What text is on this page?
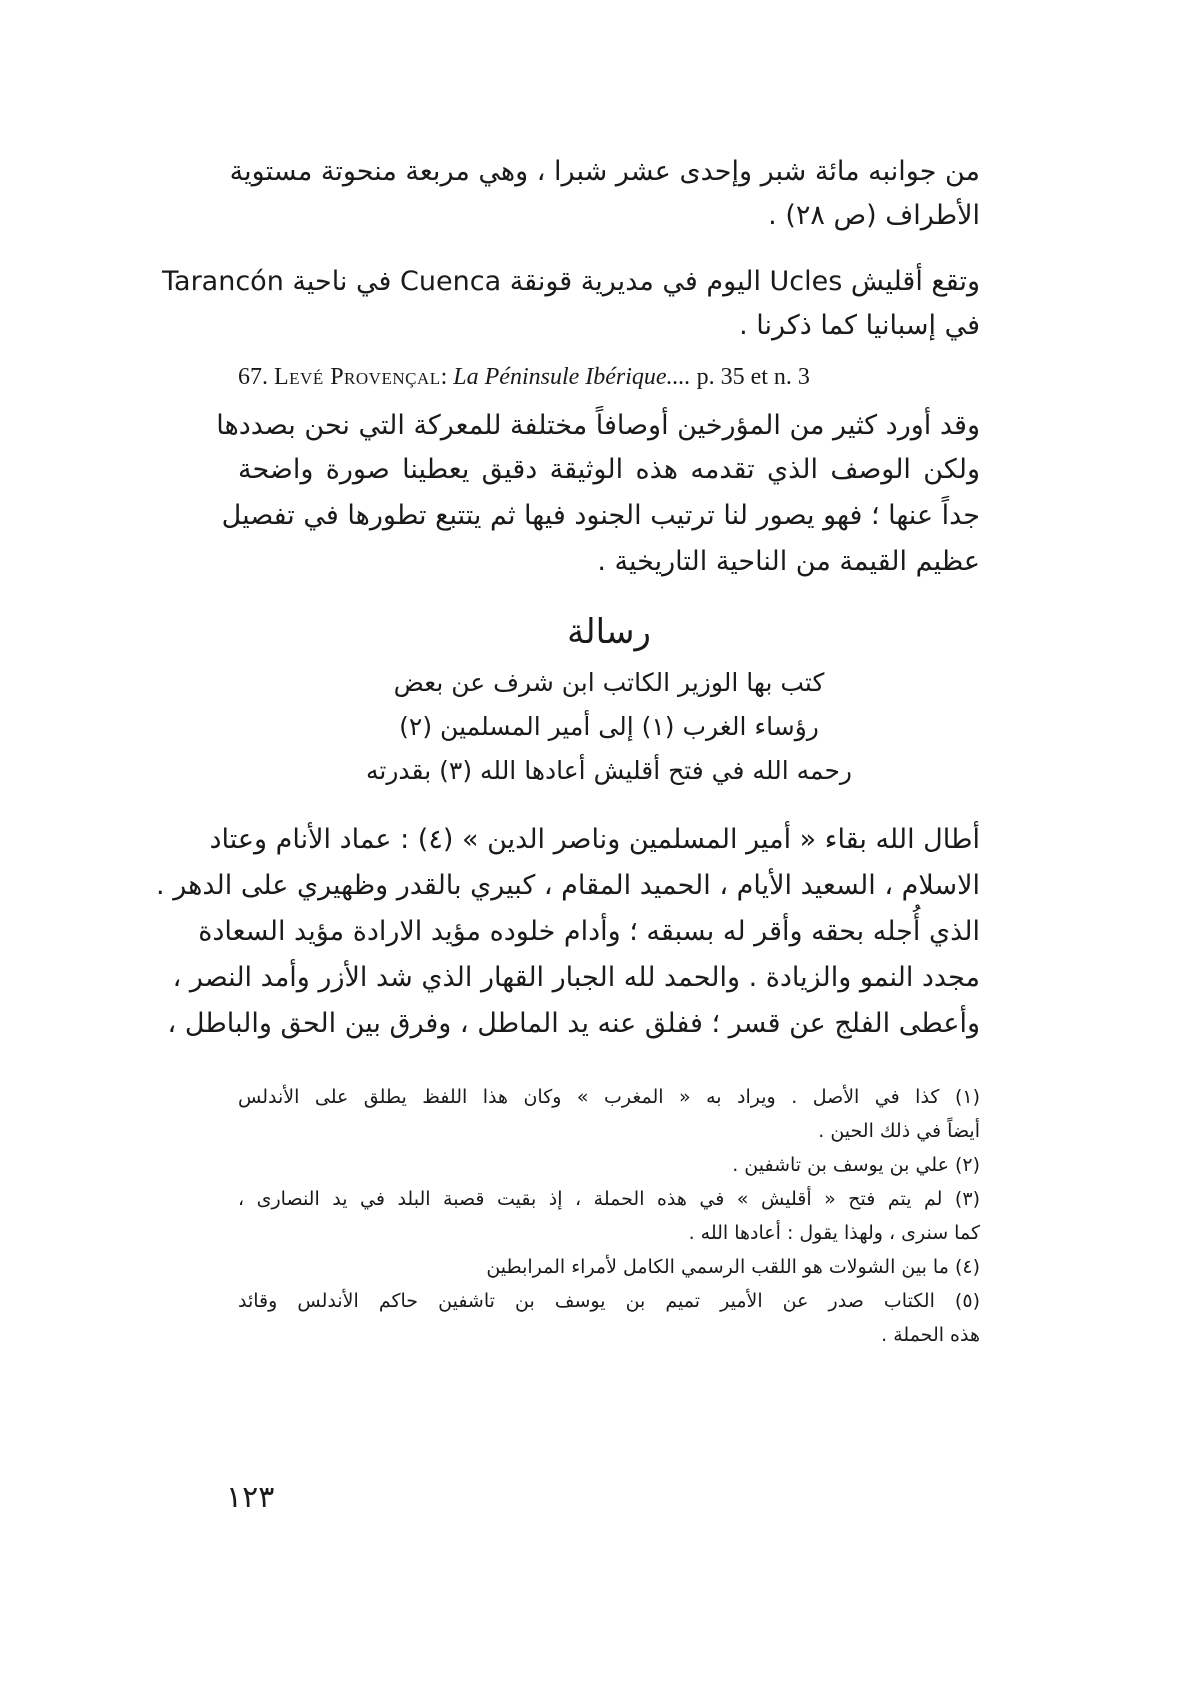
من جوانبه مائة شبر وإحدى عشر شبرا ، وهي مربعة منحوتة مستوية
الأطراف (ص ٢٨) .
وتقع أقليش Ucles اليوم في مديرية قونقة Cuenca في ناحية Tarancón
في إسبانيا كما ذكرنا .
67. Levé Provençal: La Péninsule Ibérique.... p. 35 et n. 3
وقد أورد كثير من المؤرخين أوصافاً مختلفة للمعركة التي نحن بصددها
ولكن الوصف الذي تقدمه هذه الوثيقة دقيق يعطينا صورة واضحة
جداً عنها ؛ فهو يصور لنا ترتيب الجنود فيها ثم يتتبع تطورها في تفصيل
عظيم القيمة من الناحية التاريخية .
رسالة
كتب بها الوزير الكاتب ابن شرف عن بعض
رؤساء الغرب (١) إلى أمير المسلمين (٢)
رحمه الله في فتح أقليش أعادها الله (٣) بقدرته
أطال الله بقاء « أمير المسلمين وناصر الدين » (٤) : عماد الأنام وعتاد
الاسلام ، السعيد الأيام ، الحميد المقام ، كبيري بالقدر وظهيري على الدهر .
الذي أُجله بحقه وأقر له بسبقه ؛ وأدام خلوده مؤيد الارادة مؤيد السعادة
مجدد النمو والزيادة . والحمد لله الجبار القهار الذي شد الأزر وأمد النصر ،
وأعطى الفلج عن قسر ؛ ففلق عنه يد الماطل ، وفرق بين الحق والباطل ،
(١) كذا في الأصل . ويراد به « المغرب » وكان هذا اللفظ يطلق على الأندلس
أيضاً في ذلك الحين .
(٢) علي بن يوسف بن تاشفين .
(٣) لم يتم فتح « أقليش » في هذه الحملة ، إذ بقيت قصبة البلد في يد النصارى ،
كما سنرى ، ولهذا يقول : أعادها الله .
(٤) ما بين الشولات هو اللقب الرسمي الكامل لأمراء المرابطين
(٥) الكتاب صدر عن الأمير تميم بن يوسف بن تاشفين حاكم الأندلس وقائد
هذه الحملة .
١٢٣
